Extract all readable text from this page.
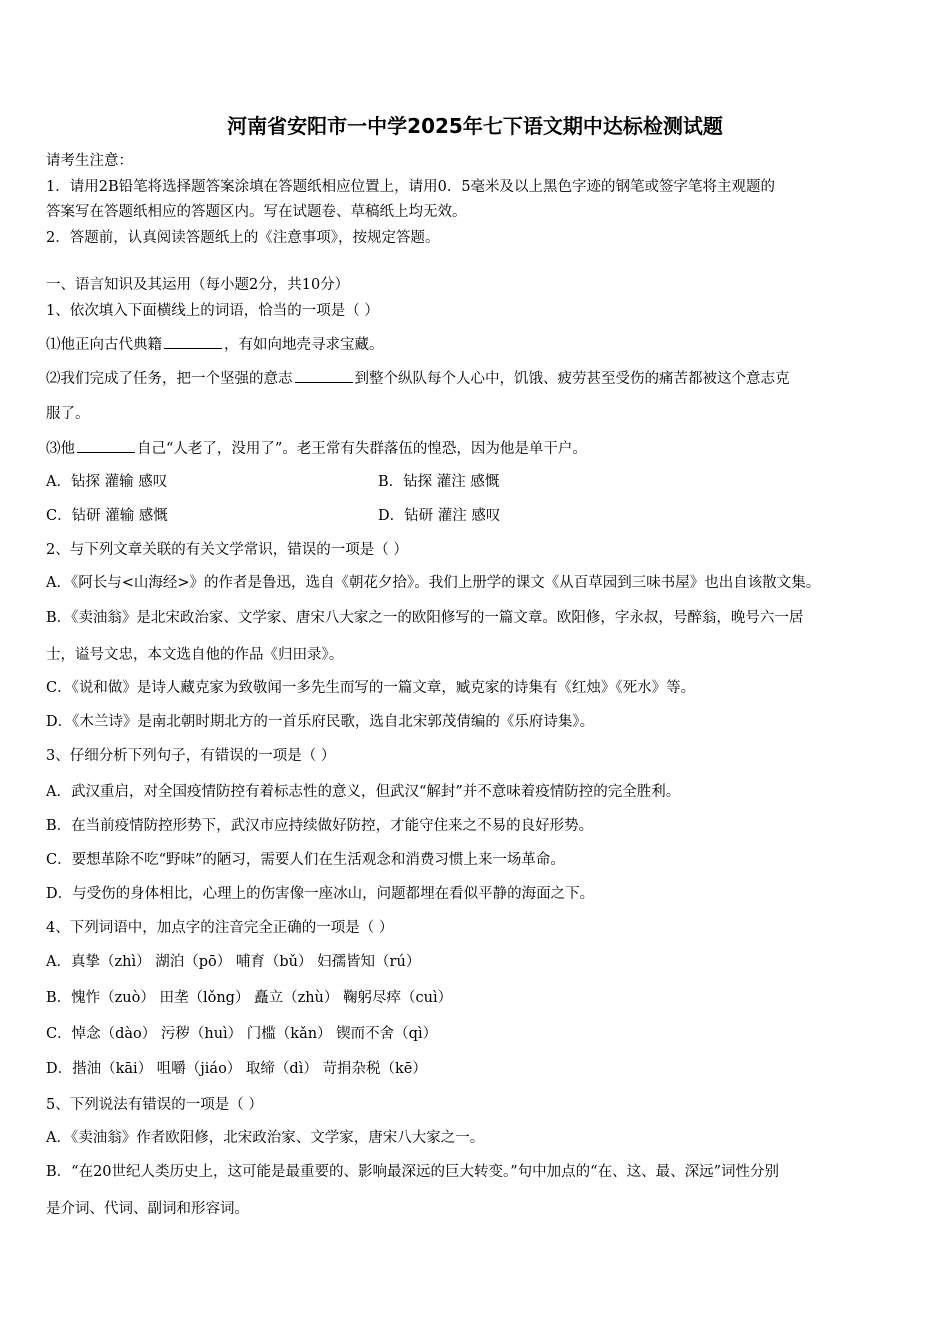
河南省安阳市一中学2025年七下语文期中达标检测试题
请考生注意：
1．请用2B铅笔将选择题答案涂填在答题纸相应位置上，请用0．5毫米及以上黑色字迹的钢笔或签字笔将主观题的
答案写在答题纸相应的答题区内。写在试题卷、草稿纸上均无效。
2．答题前，认真阅读答题纸上的《注意事项》，按规定答题。
一、语言知识及其运用（每小题2分，共10分）
1、依次填入下面横线上的词语，恰当的一项是（ ）
⑴他正向古代典籍	，有如向地壳寻求宝藏。
⑵我们完成了任务，把一个坚强的意志	到整个纵队每个人心中，饥饿、疲劳甚至受伤的痛苦都被这个意志克
服了。
⑶他	自己“人老了，没用了”。老王常有失群落伍的惶恐，因为他是单干户。
A．钻探 灌输 感叹	B．钻探 灌注 感慨
C．钻研 灌输 感慨	D．钻研 灌注 感叹
2、与下列文章关联的有关文学常识，错误的一项是（ ）
A．《阿长与<山海经>》的作者是鲁迅，选自《朝花夕拾》。我们上册学的课文《从百草园到三味书屋》也出自该散文集。
B．《卖油翁》是北宋政治家、文学家、唐宋八大家之一的欧阳修写的一篇文章。欧阳修，字永叔，号醉翁，晚号六一居
士，谥号文忠，本文选自他的作品《归田录》。
C．《说和做》是诗人藏克家为致敬闻一多先生而写的一篇文章，臧克家的诗集有《红烛》《死水》等。
D．《木兰诗》是南北朝时期北方的一首乐府民歌，选自北宋郭茂倩编的《乐府诗集》。
3、仔细分析下列句子，有错误的一项是（ ）
A．武汉重启，对全国疫情防控有着标志性的意义，但武汉“解封”并不意味着疫情防控的完全胜利。
B．在当前疫情防控形势下，武汉市应持续做好防控，才能守住来之不易的良好形势。
C．要想革除不吃“野味”的陋习，需要人们在生活观念和消费习惯上来一场革命。
D．与受伤的身体相比，心理上的伤害像一座冰山，问题都埋在看似平静的海面之下。
4、下列词语中，加点字的注音完全正确的一项是（ ）
A．真挚（zhì） 湖泊（pō） 哺育（bǔ） 妇孺皆知（rú）
B．愧怍（zuò） 田垄（lǒng） 矗立（zhù） 鞠躬尽瘁（cuì）
C．悼念（dào） 污秽（huì） 门槛（kǎn） 锲而不舍（qì）
D．揩油（kāi） 咀嚼（jiáo） 取缔（dì） 苛捐杂税（kē）
5、下列说法有错误的一项是（ ）
A．《卖油翁》作者欧阳修，北宋政治家、文学家，唐宋八大家之一。
B．“在20世纪人类历史上，这可能是最重要的、影响最深远的巨大转变。”句中加点的“在、这、最、深远”词性分别
是介词、代词、副词和形容词。
